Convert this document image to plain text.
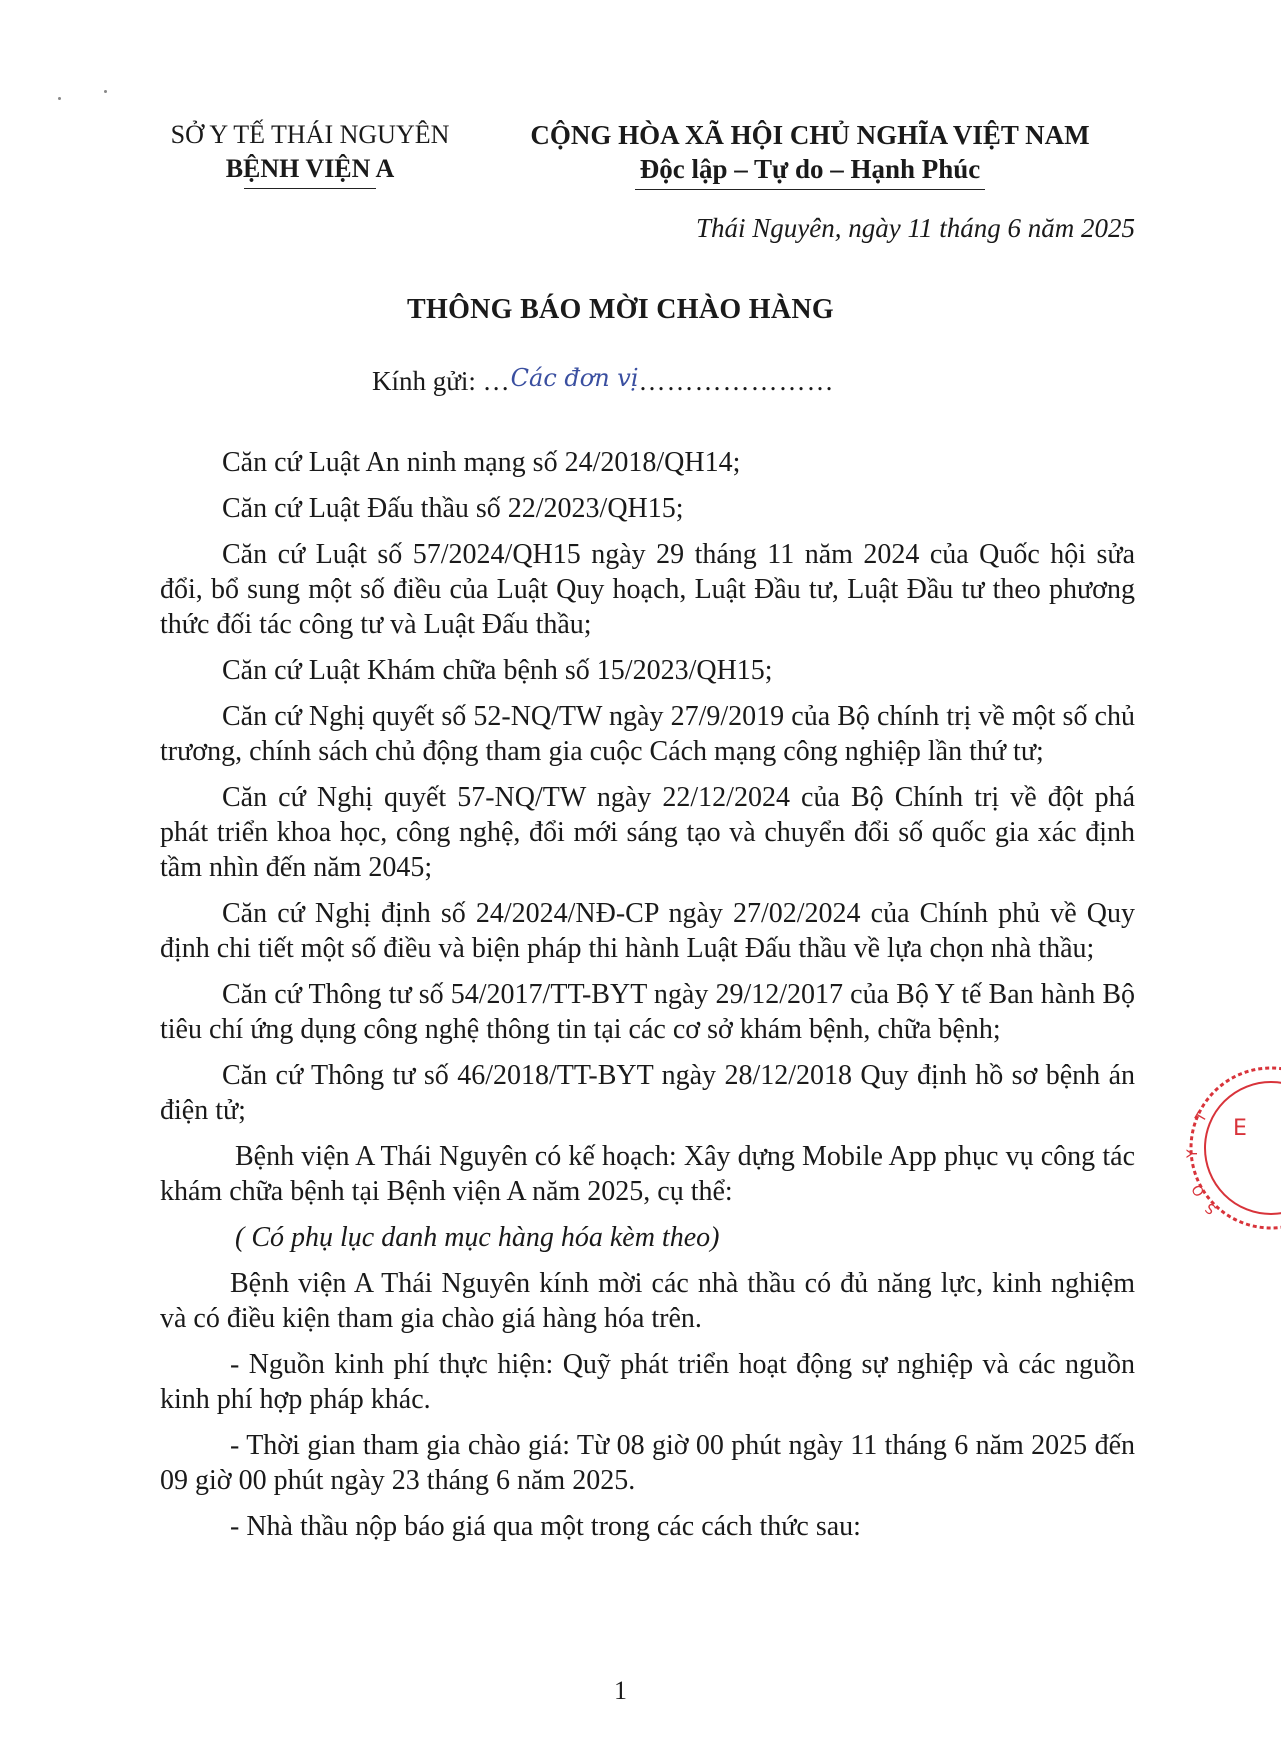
SỞ Y TẾ THÁI NGUYÊN
BỆNH VIỆN A
CỘNG HÒA XÃ HỘI CHỦ NGHĨA VIỆT NAM
Độc lập – Tự do – Hạnh Phúc
Thái Nguyên, ngày 11 tháng 6 năm 2025
THÔNG BÁO MỜI CHÀO HÀNG
Kính gửi: …Các đơn vị…………………

Căn cứ Luật An ninh mạng số 24/2018/QH14;

Căn cứ Luật Đấu thầu số 22/2023/QH15;

Căn cứ Luật số 57/2024/QH15 ngày 29 tháng 11 năm 2024 của Quốc hội sửa đổi, bổ sung một số điều của Luật Quy hoạch, Luật Đầu tư, Luật Đầu tư theo phương thức đối tác công tư và Luật Đấu thầu;

Căn cứ Luật Khám chữa bệnh số 15/2023/QH15;

Căn cứ Nghị quyết số 52-NQ/TW ngày 27/9/2019 của Bộ chính trị về một số chủ trương, chính sách chủ động tham gia cuộc Cách mạng công nghiệp lần thứ tư;

Căn cứ Nghị quyết 57-NQ/TW ngày 22/12/2024 của Bộ Chính trị về đột phá phát triển khoa học, công nghệ, đổi mới sáng tạo và chuyển đổi số quốc gia xác định tầm nhìn đến năm 2045;

Căn cứ Nghị định số 24/2024/NĐ-CP ngày 27/02/2024 của Chính phủ về Quy định chi tiết một số điều và biện pháp thi hành Luật Đấu thầu về lựa chọn nhà thầu;

Căn cứ Thông tư số 54/2017/TT-BYT ngày 29/12/2017 của Bộ Y tế Ban hành Bộ tiêu chí ứng dụng công nghệ thông tin tại các cơ sở khám bệnh, chữa bệnh;

Căn cứ Thông tư số 46/2018/TT-BYT ngày 28/12/2018 Quy định hồ sơ bệnh án điện tử;

Bệnh viện A Thái Nguyên có kế hoạch: Xây dựng Mobile App phục vụ công tác khám chữa bệnh tại Bệnh viện A năm 2025, cụ thể:

( Có phụ lục danh mục hàng hóa kèm theo)

Bệnh viện A Thái Nguyên kính mời các nhà thầu có đủ năng lực, kinh nghiệm và có điều kiện tham gia chào giá hàng hóa trên.

- Nguồn kinh phí thực hiện: Quỹ phát triển hoạt động sự nghiệp và các nguồn kinh phí hợp pháp khác.

- Thời gian tham gia chào giá: Từ 08 giờ 00 phút ngày 11 tháng 6 năm 2025 đến 09 giờ 00 phút ngày 23 tháng 6 năm 2025.

- Nhà thầu nộp báo giá qua một trong các cách thức sau:

T
Y
O
S
E
1
